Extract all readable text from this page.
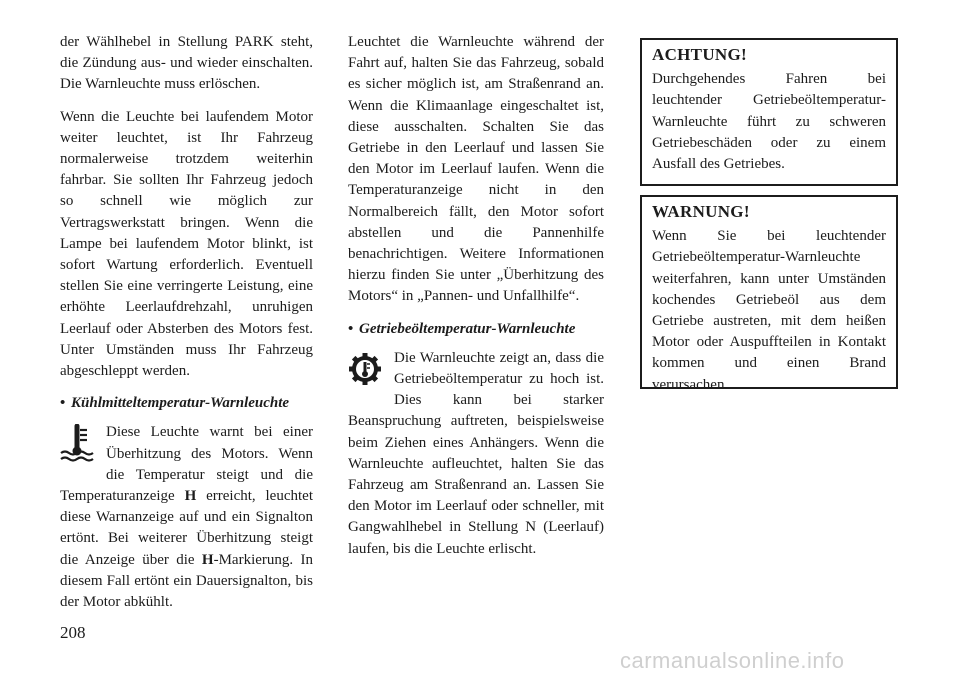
der Wählhebel in Stellung PARK steht, die Zündung aus- und wieder einschalten. Die Warnleuchte muss erlöschen.

Wenn die Leuchte bei laufendem Motor weiter leuchtet, ist Ihr Fahrzeug normalerweise trotzdem weiterhin fahrbar. Sie sollten Ihr Fahrzeug jedoch so schnell wie möglich zur Vertragswerkstatt bringen. Wenn die Lampe bei laufendem Motor blinkt, ist sofort Wartung erforderlich. Eventuell stellen Sie eine verringerte Leistung, eine erhöhte Leerlaufdrehzahl, unruhigen Leerlauf oder Absterben des Motors fest. Unter Umständen muss Ihr Fahrzeug abgeschleppt werden.

• Kühlmitteltemperatur-Warnleuchte

Diese Leuchte warnt bei einer Überhitzung des Motors. Wenn die Temperatur steigt und die Temperaturanzeige H erreicht, leuchtet diese Warnanzeige auf und ein Signalton ertönt. Bei weiterer Überhitzung steigt die Anzeige über die H-Markierung. In diesem Fall ertönt ein Dauersignalton, bis der Motor abkühlt.

Leuchtet die Warnleuchte während der Fahrt auf, halten Sie das Fahrzeug, sobald es sicher möglich ist, am Straßenrand an. Wenn die Klimaanlage eingeschaltet ist, diese ausschalten. Schalten Sie das Getriebe in den Leerlauf und lassen Sie den Motor im Leerlauf laufen. Wenn die Temperaturanzeige nicht in den Normalbereich fällt, den Motor sofort abstellen und die Pannenhilfe benachrichtigen. Weitere Informationen hierzu finden Sie unter „Überhitzung des Motors“ in „Pannen- und Unfallhilfe“.

• Getriebeöltemperatur-Warnleuchte

Die Warnleuchte zeigt an, dass die Getriebeöltemperatur zu hoch ist. Dies kann bei starker Beanspruchung auftreten, beispielsweise beim Ziehen eines Anhängers. Wenn die Warnleuchte aufleuchtet, halten Sie das Fahrzeug am Straßenrand an. Lassen Sie den Motor im Leerlauf oder schneller, mit Gangwahlhebel in Stellung N (Leerlauf) laufen, bis die Leuchte erlischt.

ACHTUNG!

Durchgehendes Fahren bei leuchtender Getriebeöltemperatur-Warnleuchte führt zu schweren Getriebeschäden oder zu einem Ausfall des Getriebes.

WARNUNG!

Wenn Sie bei leuchtender Getriebeöltemperatur-Warnleuchte weiterfahren, kann unter Umständen kochendes Getriebeöl aus dem Getriebe austreten, mit dem heißen Motor oder Auspuffteilen in Kontakt kommen und einen Brand verursachen.

208
carmanualsonline.info
